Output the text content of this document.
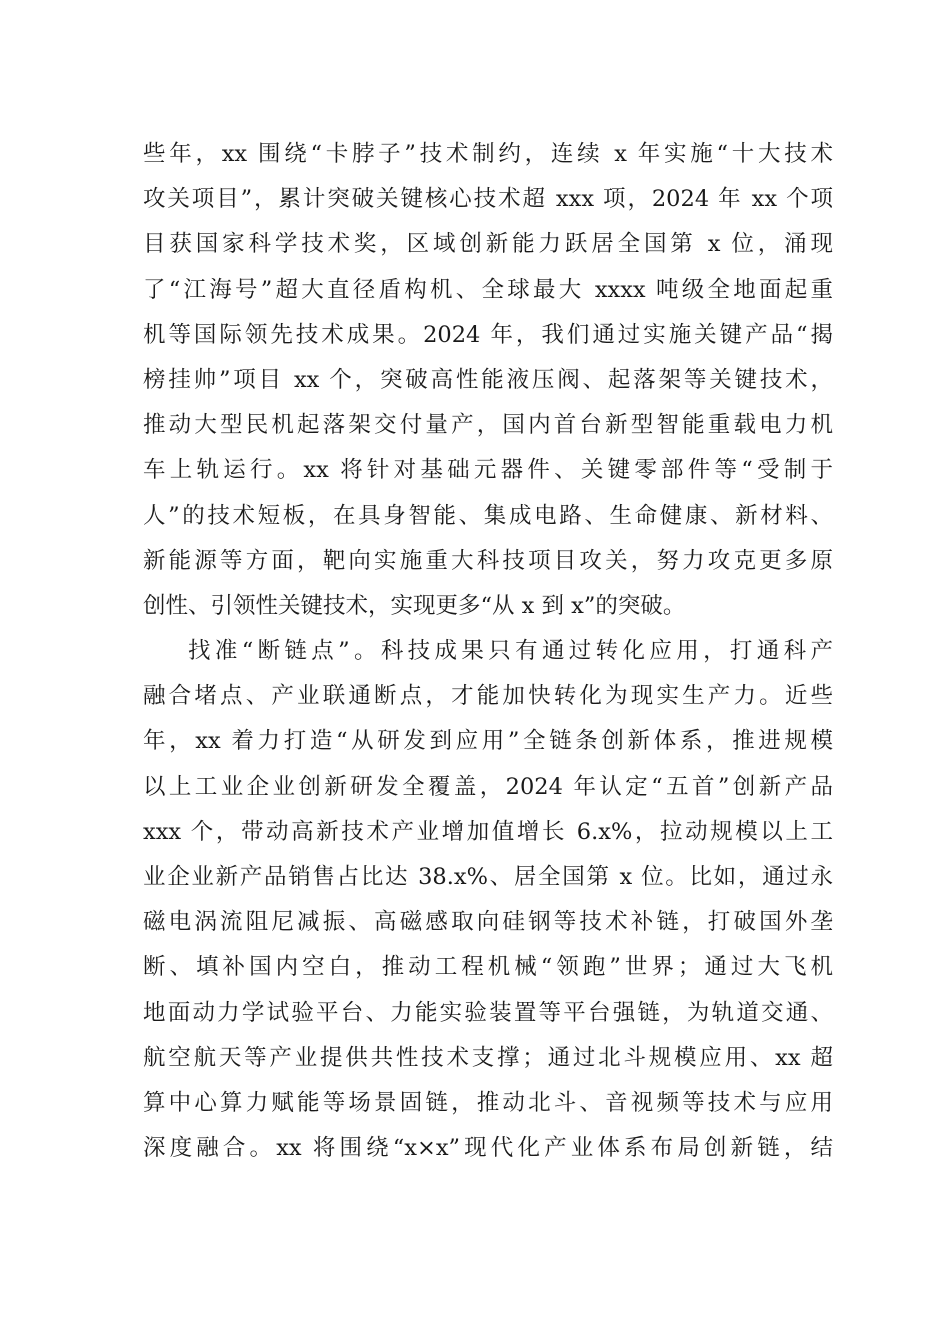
些年，xx 围绕“卡脖子”技术制约，连续 x 年实施“十大技术
攻关项目”，累计突破关键核心技术超 xxx 项，2024 年 xx 个项
目获国家科学技术奖，区域创新能力跃居全国第 x 位，涌现
了“江海号”超大直径盾构机、全球最大 xxxx 吨级全地面起重
机等国际领先技术成果。2024 年，我们通过实施关键产品“揭
榜挂帅”项目 xx 个，突破高性能液压阀、起落架等关键技术，
推动大型民机起落架交付量产，国内首台新型智能重载电力机
车上轨运行。xx 将针对基础元器件、关键零部件等“受制于
人”的技术短板，在具身智能、集成电路、生命健康、新材料、
新能源等方面，靶向实施重大科技项目攻关，努力攻克更多原
创性、引领性关键技术，实现更多“从 x 到 x”的突破。
找准“断链点”。科技成果只有通过转化应用，打通科产
融合堵点、产业联通断点，才能加快转化为现实生产力。近些
年，xx 着力打造“从研发到应用”全链条创新体系，推进规模
以上工业企业创新研发全覆盖，2024 年认定“五首”创新产品
xxx 个，带动高新技术产业增加值增长 6.x%，拉动规模以上工
业企业新产品销售占比达 38.x%、居全国第 x 位。比如，通过永
磁电涡流阻尼减振、高磁感取向硅钢等技术补链，打破国外垄
断、填补国内空白，推动工程机械“领跑”世界；通过大飞机
地面动力学试验平台、力能实验装置等平台强链，为轨道交通、
航空航天等产业提供共性技术支撑；通过北斗规模应用、xx 超
算中心算力赋能等场景固链，推动北斗、音视频等技术与应用
深度融合。xx 将围绕“x×x”现代化产业体系布局创新链，结
